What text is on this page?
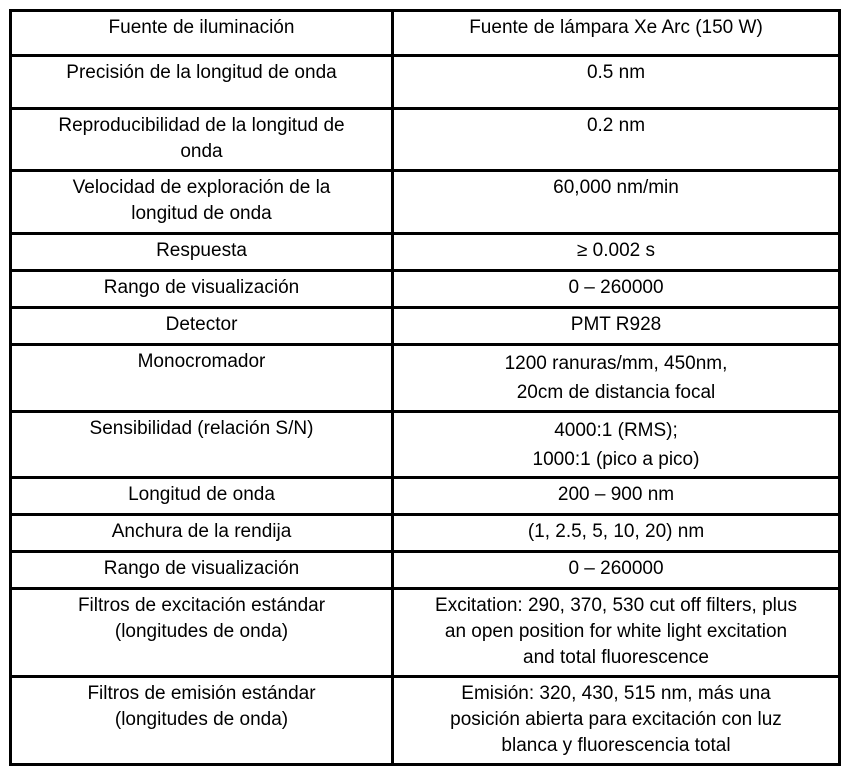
Fuente de iluminación	Fuente de lámpara Xe Arc (150 W)

Precisión de la longitud de onda	0.5 nm

Reproducibilidad de la longitud de
onda	0.2 nm

Velocidad de exploración de la
longitud de onda	60,000 nm/min

Respuesta	≥ 0.002 s

Rango de visualización	0 – 260000

Detector	PMT R928

Monocromador	1200 ranuras/mm, 450nm,
20cm de distancia focal

Sensibilidad (relación S/N)	4000:1 (RMS);
1000:1 (pico a pico)

Longitud de onda	200 – 900 nm

Anchura de la rendija	(1, 2.5, 5, 10, 20) nm

Rango de visualización	0 – 260000

Filtros de excitación estándar
(longitudes de onda)	Excitation: 290, 370, 530 cut off filters, plus
an open position for white light excitation
and total fluorescence

Filtros de emisión estándar
(longitudes de onda)	Emisión: 320, 430, 515 nm, más una
posición abierta para excitación con luz
blanca y fluorescencia total
